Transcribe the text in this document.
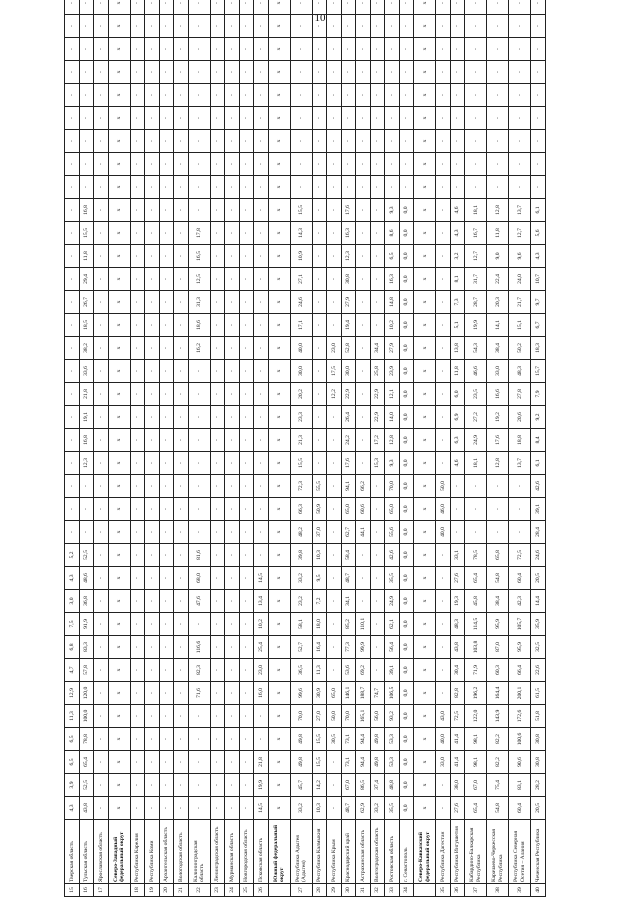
10
15	Тверская область	4,3	3,9	6,5	6,5	11,3	12,9	4,7	6,8	7,5	3,0	4,3	5,2	-	-	-	-	-	-	-	-	-	-	-	-	-	-	-	-	-	-	-	-	-	-	-	-				
16	Тульская область	43,8	52,5	65,4	78,8	100,0	120,0	57,8	83,3	91,9	36,8	48,6	52,5	-	-	-	12,3	16,8	19,1	21,8	33,6	38,2	18,5	26,7	29,4	11,8	15,5	16,8	-	-	-	-	-	-	-	-	-				
17	Ярославская область	-	-	-	-	-	-	-	-	-	-	-	-	-	-	-	-	-	-	-	-	-	-	-	-	-	-	-	-	-	-	-	-	-	-	-	-				
	Северо-Западный федеральный округ	x	x	x	x	x	x	x	x	x	x	x	x	x	x	x	x	x	x	x	x	x	x	x	x	x	x	x	x	x	x	x	x	x	x	x	x				
18	Республика Карелия	-	-	-	-	-	-	-	-	-	-	-	-	-	-	-	-	-	-	-	-	-	-	-	-	-	-	-	-	-	-	-	-	-	-	-	-				
19	Республика Коми	-	-	-	-	-	-	-	-	-	-	-	-	-	-	-	-	-	-	-	-	-	-	-	-	-	-	-	-	-	-	-	-	-	-	-	-				
20	Архангельская область	-	-	-	-	-	-	-	-	-	-	-	-	-	-	-	-	-	-	-	-	-	-	-	-	-	-	-	-	-	-	-	-	-	-	-	-				
21	Вологодская область	-	-	-	-	-	-	-	-	-	-	-	-	-	-	-	-	-	-	-	-	-	-	-	-	-	-	-	-	-	-	-	-	-	-	-	-				
22	Калининградская область	-	-	-	-	-	71,6	82,3	116,6	-	47,6	68,0	81,6	-	-	-	-	-	-	-	-	16,2	18,6	31,3	12,5	16,5	17,8	-	-	-	-	-	-	-	-	-	-				
23	Ленинградская область	-	-	-	-	-	-	-	-	-	-	-	-	-	-	-	-	-	-	-	-	-	-	-	-	-	-	-	-	-	-	-	-	-	-	-	-				
24	Мурманская область	-	-	-	-	-	-	-	-	-	-	-	-	-	-	-	-	-	-	-	-	-	-	-	-	-	-	-	-	-	-	-	-	-	-	-	-				
25	Новгородская область	-	-	-	-	-	-	-	-	-	-	-	-	-	-	-	-	-	-	-	-	-	-	-	-	-	-	-	-	-	-	-	-	-	-	-	-				
26	Псковская область	14,5	19,9	21,8	-	-	16,0	23,0	25,4	10,2	13,4	14,5	-	-	-	-	-	-	-	-	-	-	-	-	-	-	-	-	-	-	-	-	-	-	-	-	-				
	Южный федеральный округ	x	x	x	x	x	x	x	x	x	x	x	x	x	x	x	x	x	x	x	x	x	x	x	x	x	x	x	x	x	x	x	x	x	x	x	x				
27	Республика Адыгея (Адыгея)	33,2	45,7	49,8	49,8	70,0	99,6	36,5	52,7	58,1	23,2	33,2	39,8	48,2	66,3	72,3	15,5	21,3	23,3	20,2	30,0	40,0	17,1	24,6	27,1	10,9	14,3	15,5	-	-	-	-	-	-	-	-	-				
28	Республика Калмыкия	10,3	14,2	15,5	15,5	27,0	30,9	11,3	16,4	18,0	7,2	9,5	10,3	37,0	50,9	55,5	-	-	-	-	-	-	-	-	-	-	-	-	-	-	-	-	-	-	-	-	-				
29	Республика Крым	-	-	-	30,5	50,0	65,0	-	-	-	-	-	-	-	-	-	-	-	-	12,2	17,5	23,0	-	-	-	-	-	-	-	-	-	-	-	-	-	-	-				
30	Краснодарский край	48,7	67,0	73,1	73,1	70,0	146,1	53,6	77,3	85,2	34,1	48,7	58,4	62,7	65,0	94,1	17,6	24,2	26,4	22,9	30,0	52,8	19,4	27,9	30,8	12,3	16,3	17,6	-	-	-	-	-	-	-	-	-				
31	Астраханская область	62,9	86,5	94,4	94,4	165,1	188,7	69,2	99,9	110,1	-	-	-	44,1	60,6	66,2	-	-	-	-	-	-	-	-	-	-	-	-	-	-	-	-	-	-	-	-	-				
32	Волгоградская область	33,2	37,4	49,8	49,8	56,0	74,7	-	-	-	-	-	-	-	-	-	15,3	17,2	22,9	22,9	25,8	34,4	-	-	-	-	-	-	-	-	-	-	-	-	-	-	-				
33	Ростовская область	35,5	48,8	53,3	53,3	93,2	106,5	39,1	56,4	62,1	24,9	35,5	42,6	55,6	65,0	70,0	9,3	12,8	14,0	12,1	23,9	27,9	10,2	14,8	16,3	6,5	8,6	9,3	-	-	-	-	-	-	-	-	-				
34	г. Севастополь	0,0	0,0	0,0	0,0	0,0	0,0	0,0	0,0	0,0	0,0	0,0	0,0	0,0	0,0	0,0	0,0	0,0	0,0	0,0	0,0	0,0	0,0	0,0	0,0	0,0	0,0	0,0	-	-	-	-	-	-	-	-	-				
	Северо-Кавказский федеральный округ	x	x	x	x	x	x	x	x	x	x	x	x	x	x	x	x	x	x	x	x	x	x	x	x	x	x	x	x	x	x	x	x	x	x	x	x				
35	Республика Дагестан	-	-	33,0	40,0	43,0	-	-	-	-	-	-	-	40,0	46,0	50,0	-	-	-	-	-	-	-	-	-	-	-	-	-	-	-	-	-	-	-	-	-				
36	Республика Ингушетия	27,6	38,0	41,4	41,4	72,5	82,8	30,4	43,8	48,3	19,3	27,6	33,1	-	-	-	4,6	6,3	6,9	6,0	11,8	13,8	5,1	7,3	8,1	3,2	4,3	4,6	-	-	-	-	-	-	-	-	-				
37	Кабардино-Балкарская Республика	65,4	67,0	98,1	98,1	122,0	196,2	71,9	103,8	114,5	45,8	65,4	78,5	-	-	-	18,1	24,9	27,2	23,5	46,6	54,3	19,9	28,7	31,7	12,7	16,7	18,1	-	-	-	-	-	-	-	-	-				
38	Карачаево-Черкесская Республика	54,8	75,4	82,2	82,2	143,9	164,4	60,3	87,0	95,9	38,4	54,8	65,8	-	-	-	12,8	17,6	19,2	16,6	33,0	38,4	14,1	20,3	22,4	9,0	11,8	12,8	-	-	-	-	-	-	-	-	-				
39	Республика Северная Осетия – Алания	60,4	83,1	90,6	100,6	172,6	200,1	66,4	95,9	105,7	42,3	60,4	72,5	-	-	-	13,7	18,8	20,6	27,8	48,3	50,2	15,1	21,7	24,0	9,6	12,7	13,7	-	-	-	-	-	-	-	-	-				
40	Чеченская Республика	20,5	28,2	30,8	30,8	51,8	61,5	22,6	32,5	35,9	14,4	20,5	24,6	28,4	39,1	42,6	6,1	8,4	9,2	7,9	15,7	18,3	6,7	9,7	10,7	4,3	5,6	6,1	-	-	-	-	-	-	-	-	-				
